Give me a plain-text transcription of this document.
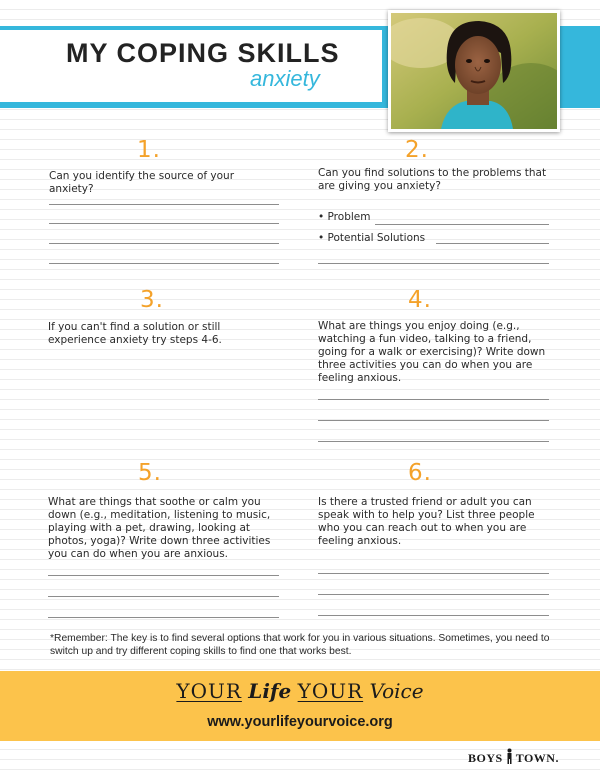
MY COPING SKILLS
anxiety
1.
Can you identify the source of your anxiety?
2.
Can you find solutions to the problems that are giving you anxiety?
• Problem
• Potential Solutions
3.
If you can't find a solution or still experience anxiety try steps 4-6.
4.
What are things you enjoy doing (e.g., watching a fun video, talking to a friend, going for a walk or exercising)? Write down three activities you can do when you are feeling anxious.
5.
What are things that soothe or calm you down (e.g., meditation, listening to music, playing with a pet, drawing, looking at photos, yoga)? Write down three activities you can do when you are anxious.
6.
Is there a trusted friend or adult you can speak with to help you? List three people who you can reach out to when you are feeling anxious.
*Remember: The key is to find several options that work for you in various situations. Sometimes, you need to switch up and try different coping skills to find one that works best.
YOUR Life YOUR Voice
www.yourlifeyourvoice.org
BOYS TOWN.
